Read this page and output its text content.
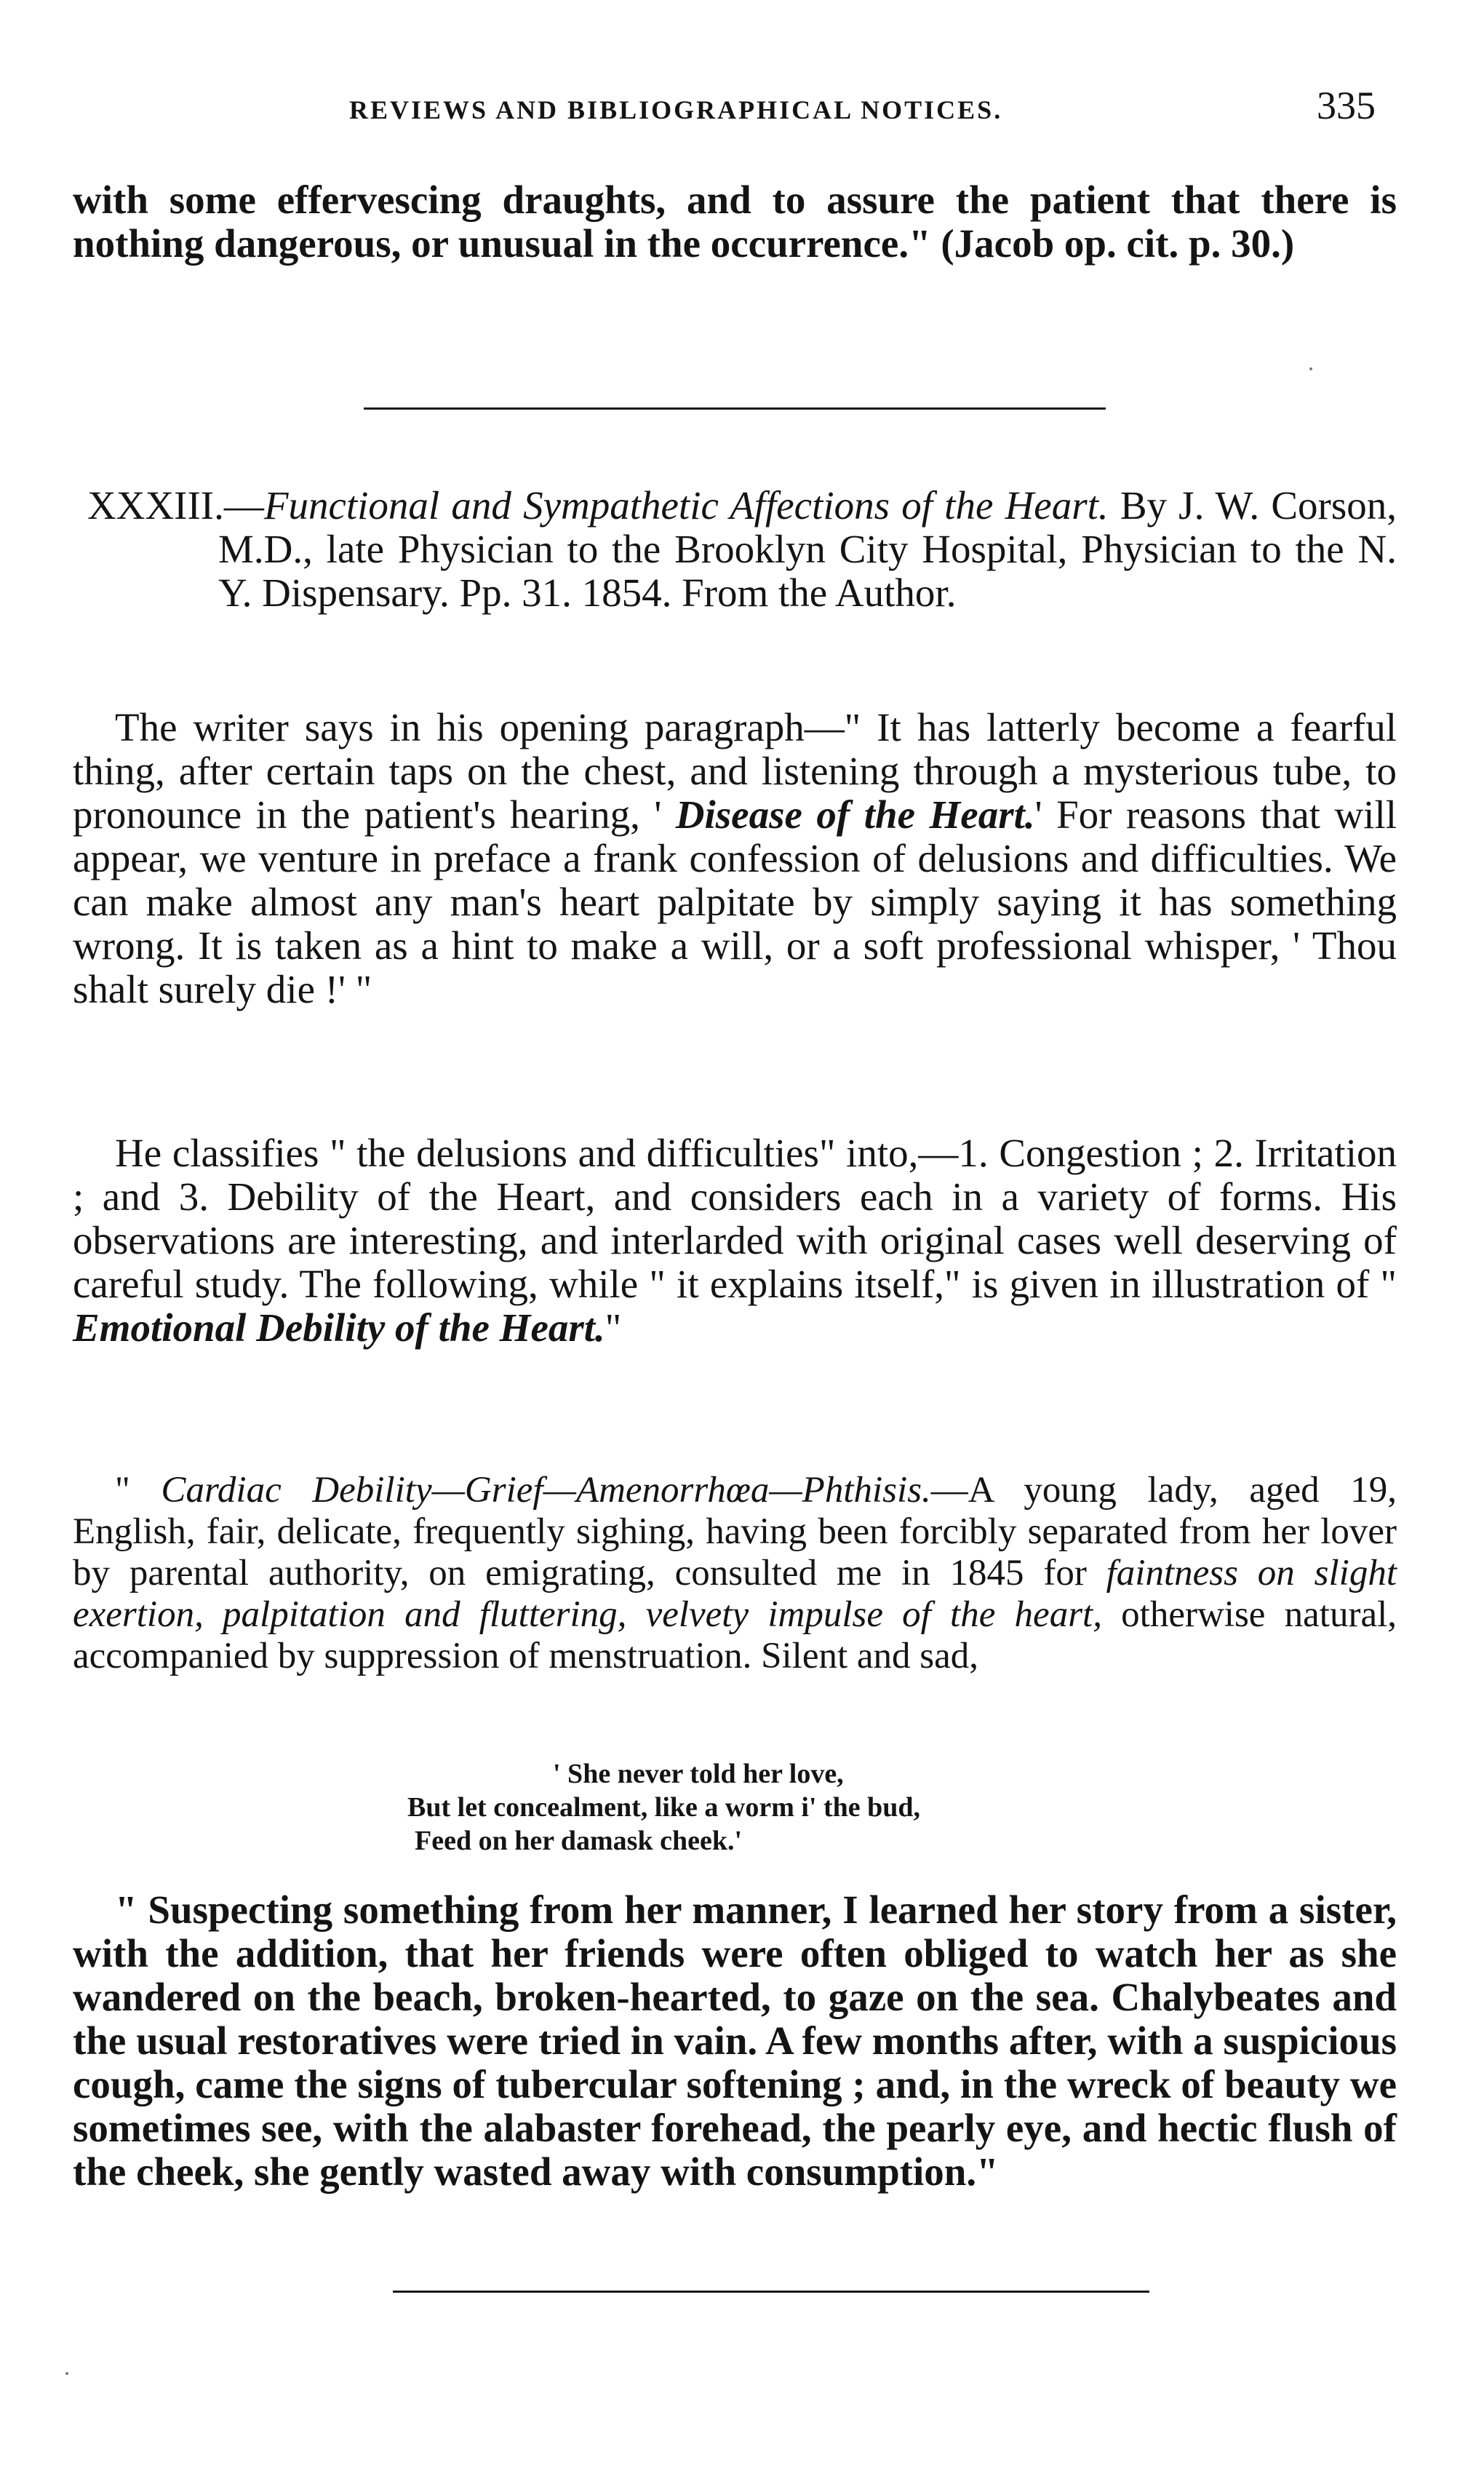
REVIEWS AND BIBLIOGRAPHICAL NOTICES.	335

with some effervescing draughts, and to assure the patient that there is nothing dangerous, or unusual in the occurrence." (Jacob op. cit. p. 30.)

XXXIII.—Functional and Sympathetic Affections of the Heart. By J. W. Corson, M.D., late Physician to the Brooklyn City Hospital, Physician to the N. Y. Dispensary. Pp. 31. 1854. From the Author.

The writer says in his opening paragraph—" It has latterly become a fearful thing, after certain taps on the chest, and listening through a mysterious tube, to pronounce in the patient's hearing, ' Disease of the Heart.' For reasons that will appear, we venture in preface a frank confession of delusions and difficulties. We can make almost any man's heart palpitate by simply saying it has something wrong. It is taken as a hint to make a will, or a soft professional whisper, ' Thou shalt surely die !' "

He classifies " the delusions and difficulties" into,—1. Congestion ; 2. Irritation ; and 3. Debility of the Heart, and considers each in a variety of forms. His observations are interesting, and interlarded with original cases well deserving of careful study. The following, while " it explains itself," is given in illustration of " Emotional Debility of the Heart."

" Cardiac Debility—Grief—Amenorrhœa—Phthisis.—A young lady, aged 19, English, fair, delicate, frequently sighing, having been forcibly separated from her lover by parental authority, on emigrating, consulted me in 1845 for faintness on slight exertion, palpitation and fluttering, velvety impulse of the heart, otherwise natural, accompanied by suppression of menstruation. Silent and sad,

' She never told her love,
But let concealment, like a worm i' the bud,
Feed on her damask cheek.'

" Suspecting something from her manner, I learned her story from a sister, with the addition, that her friends were often obliged to watch her as she wandered on the beach, broken-hearted, to gaze on the sea. Chalybeates and the usual restoratives were tried in vain. A few months after, with a suspicious cough, came the signs of tubercular softening ; and, in the wreck of beauty we sometimes see, with the alabaster forehead, the pearly eye, and hectic flush of the cheek, she gently wasted away with consumption."
